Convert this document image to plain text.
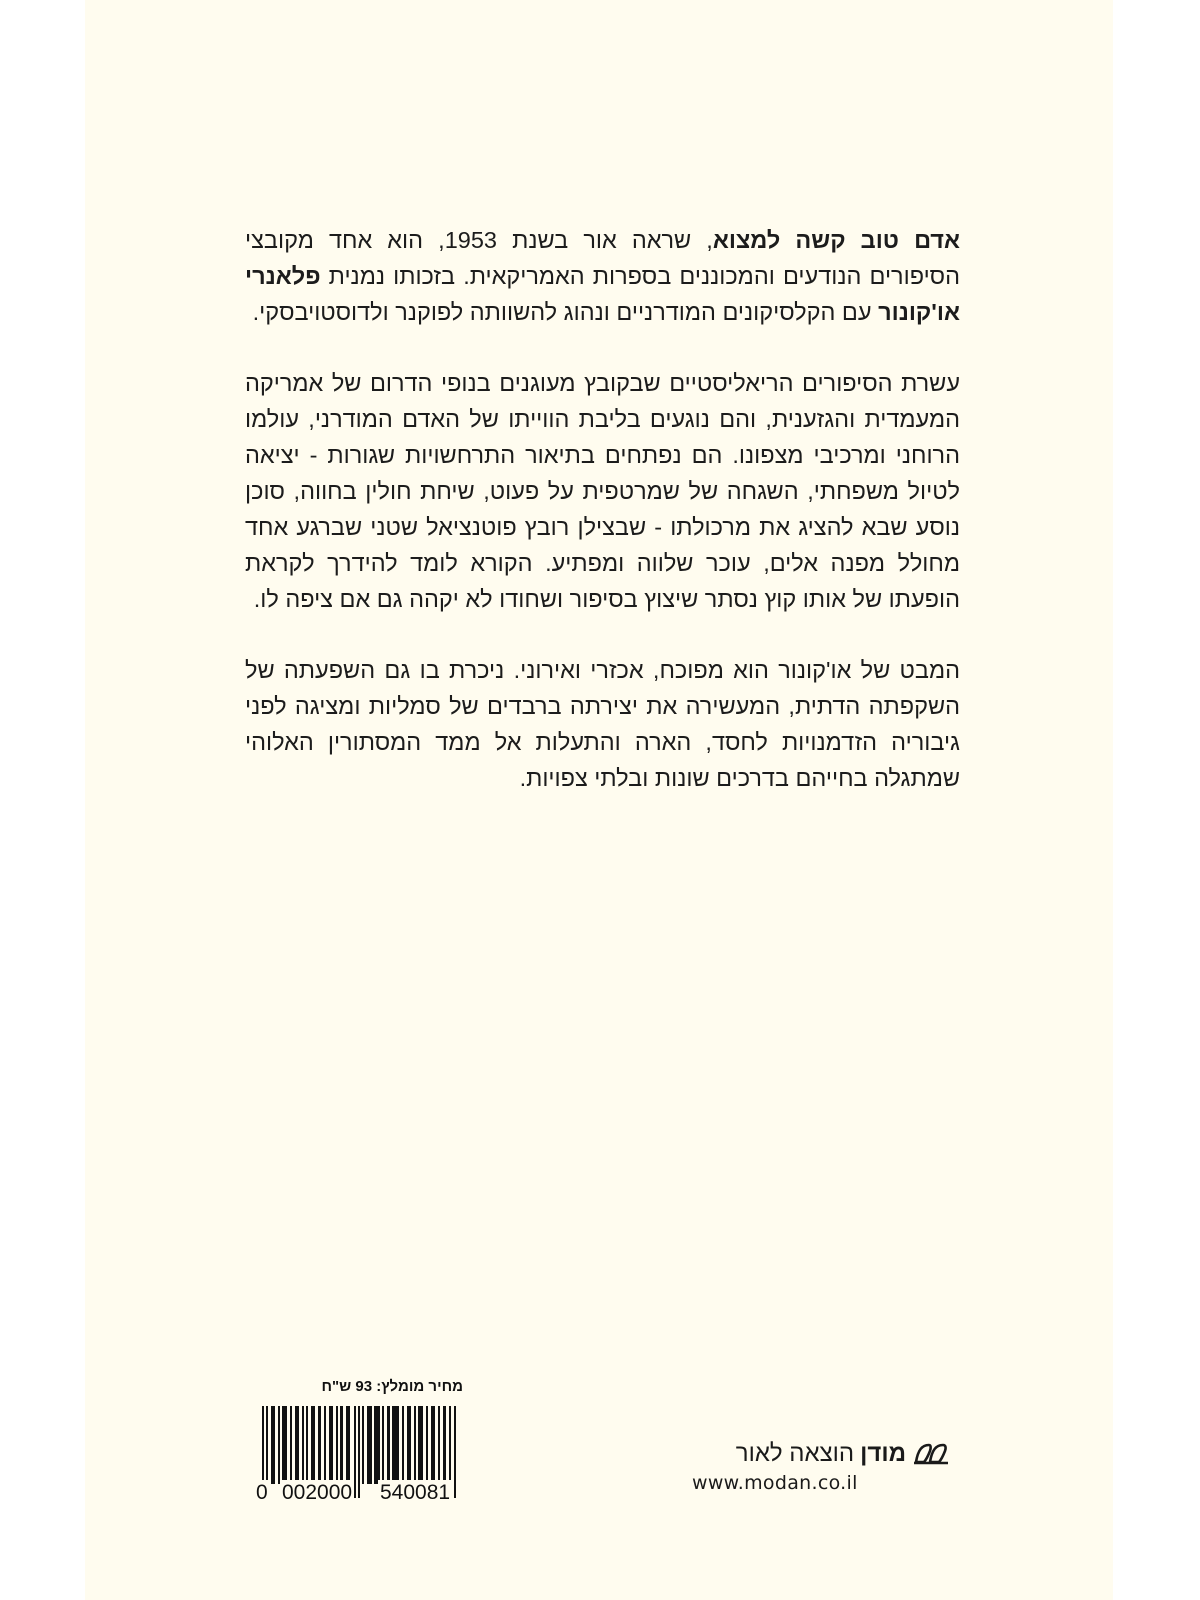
אדם טוב קשה למצוא, שראה אור בשנת 1953, הוא אחד מקובצי הסיפורים הנודעים והמכוננים בספרות האמריקאית. בזכותו נמנית פלאנרי או'קונור עם הקלסיקונים המודרניים ונהוג להשוותה לפוקנר ולדוסטויבסקי.

עשרת הסיפורים הריאליסטיים שבקובץ מעוגנים בנופי הדרום של אמריקה המעמדית והגזענית, והם נוגעים בליבת הווייתו של האדם המודרני, עולמו הרוחני ומרכיבי מצפונו. הם נפתחים בתיאור התרחשויות שגורות - יציאה לטיול משפחתי, השגחה של שמרטפית על פעוט, שיחת חולין בחווה, סוכן נוסע שבא להציג את מרכולתו - שבצילן רובץ פוטנציאל שטני שברגע אחד מחולל מפנה אלים, עוכר שלווה ומפתיע. הקורא לומד להידרך לקראת הופעתו של אותו קוץ נסתר שיצוץ בסיפור ושחודו לא יקהה גם אם ציפה לו.

המבט של או'קונור הוא מפוכח, אכזרי ואירוני. ניכרת בו גם השפעתה של השקפתה הדתית, המעשירה את יצירתה ברבדים של סמליות ומציגה לפני גיבוריה הזדמנויות לחסד, הארה והתעלות אל ממד המסתורין האלוהי שמתגלה בחייהם בדרכים שונות ובלתי צפויות.

מחיר מומלץ: 93 ש"ח
0 002000 540081
מודן
הוצאה לאור
www.modan.co.il
